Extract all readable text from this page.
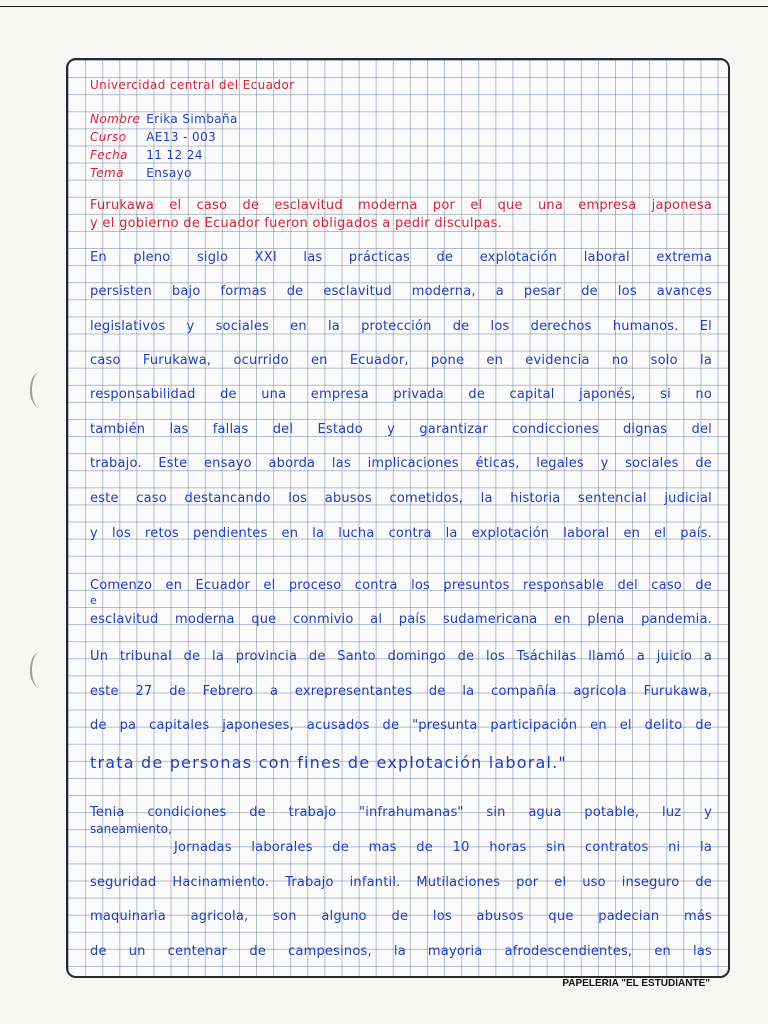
Univercidad central del Ecuador
Nombre Erika Simbaña
Curso AE13 - 003
Fecha 11 12 24
Tema Ensayo
Furukawa el caso de esclavitud moderna por el que una empresa japonesa
y el gobierno de Ecuador fueron obligados a pedir disculpas.
En pleno siglo XXI las prácticas de explotación laboral extrema
persisten bajo formas de esclavitud moderna, a pesar de los avances
legislativos y sociales en la protección de los derechos humanos. El
caso Furukawa, ocurrido en Ecuador, pone en evidencia no solo la
responsabilidad de una empresa privada de capital japonés, si no
también las fallas del Estado y garantizar condicciones dignas del
trabajo. Este ensayo aborda las implicaciones éticas, legales y sociales de
este caso destancando los abusos cometidos, la historia sentencial judicial
y los retos pendientes en la lucha contra la explotación laboral en el país.
Comenzo en Ecuador el proceso contra los presuntos responsable del caso de
e
esclavitud moderna que conmivio al país sudamericana en plena pandemia.
Un tribunal de la provincia de Santo domingo de los Tsáchilas llamó a juicio a
este 27 de Febrero a exrepresentantes de la compañía agricola Furukawa,
de pa capitales japoneses, acusados de "presunta participación en el delito de
trata de personas con fines de explotación laboral."
Tenia condiciones de trabajo "infrahumanas" sin agua potable, luz y
saneamiento,
Jornadas laborales de mas de 10 horas sin contratos ni la
seguridad Hacinamiento. Trabajo infantil. Mutilaciones por el uso inseguro de
maquinaria agricola, son alguno de los abusos que padecian más
de un centenar de campesinos, la mayoria afrodescendientes, en las
PAPELERIA "EL ESTUDIANTE"
